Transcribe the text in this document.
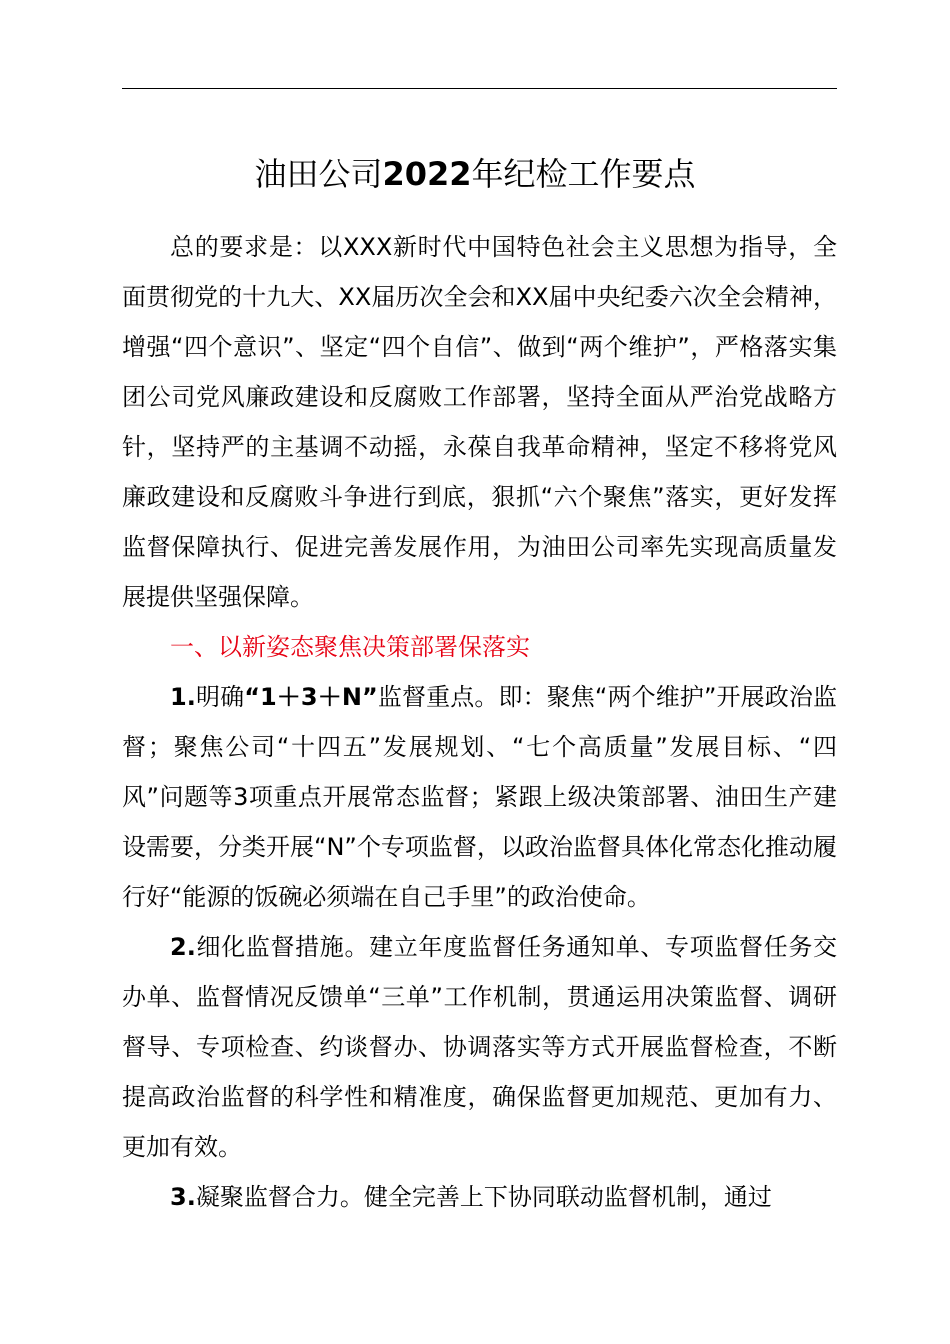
油田公司2022年纪检工作要点

总的要求是：以XXX新时代中国特色社会主义思想为指导，全面贯彻党的十九大、XX届历次全会和XX届中央纪委六次全会精神，增强“四个意识”、坚定“四个自信”、做到“两个维护”，严格落实集团公司党风廉政建设和反腐败工作部署，坚持全面从严治党战略方针，坚持严的主基调不动摇，永葆自我革命精神，坚定不移将党风廉政建设和反腐败斗争进行到底，狠抓“六个聚焦”落实，更好发挥监督保障执行、促进完善发展作用，为油田公司率先实现高质量发展提供坚强保障。

一、以新姿态聚焦决策部署保落实

1.明确“1＋3＋N”监督重点。即：聚焦“两个维护”开展政治监督；聚焦公司“十四五”发展规划、“七个高质量”发展目标、“四风”问题等3项重点开展常态监督；紧跟上级决策部署、油田生产建设需要，分类开展“N”个专项监督，以政治监督具体化常态化推动履行好“能源的饭碗必须端在自己手里”的政治使命。

2.细化监督措施。建立年度监督任务通知单、专项监督任务交办单、监督情况反馈单“三单”工作机制，贯通运用决策监督、调研督导、专项检查、约谈督办、协调落实等方式开展监督检查，不断提高政治监督的科学性和精准度，确保监督更加规范、更加有力、更加有效。

3.凝聚监督合力。健全完善上下协同联动监督机制，通过
